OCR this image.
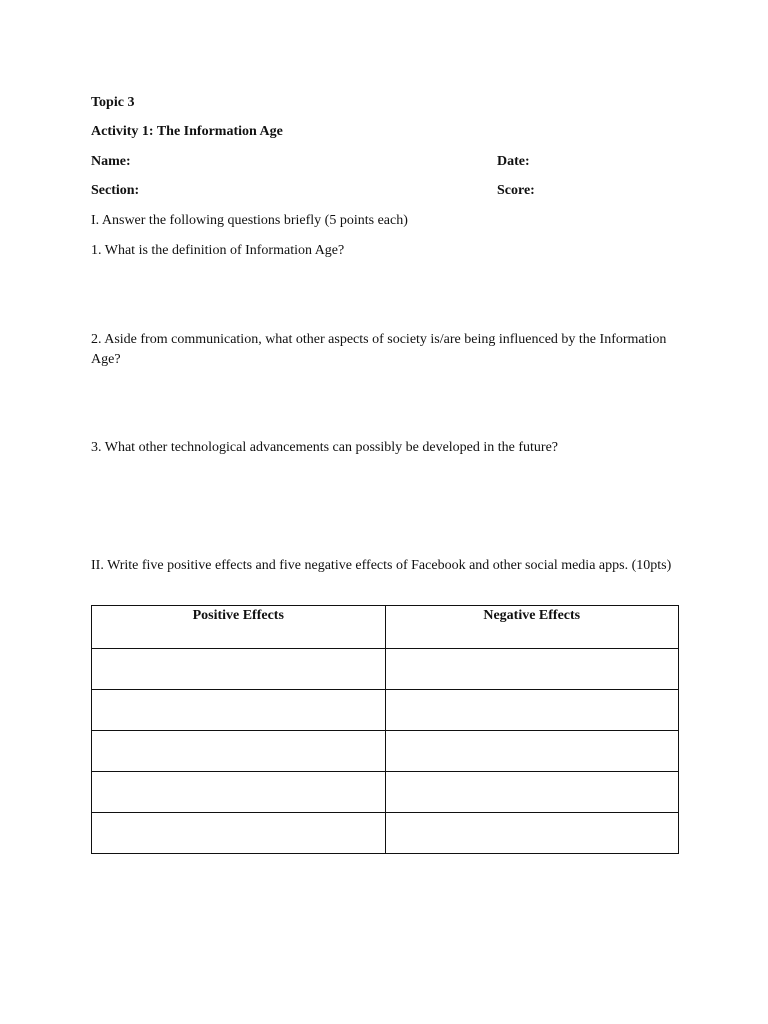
Topic 3
Activity 1: The Information Age
Name:	Date:
Section:	Score:
I. Answer the following questions briefly (5 points each)
1. What is the definition of Information Age?
2. Aside from communication, what other aspects of society is/are being influenced by the Information Age?
3. What other technological advancements can possibly be developed in the future?
II. Write five positive effects and five negative effects of Facebook and other social media apps. (10pts)
Positive Effects	Negative Effects
